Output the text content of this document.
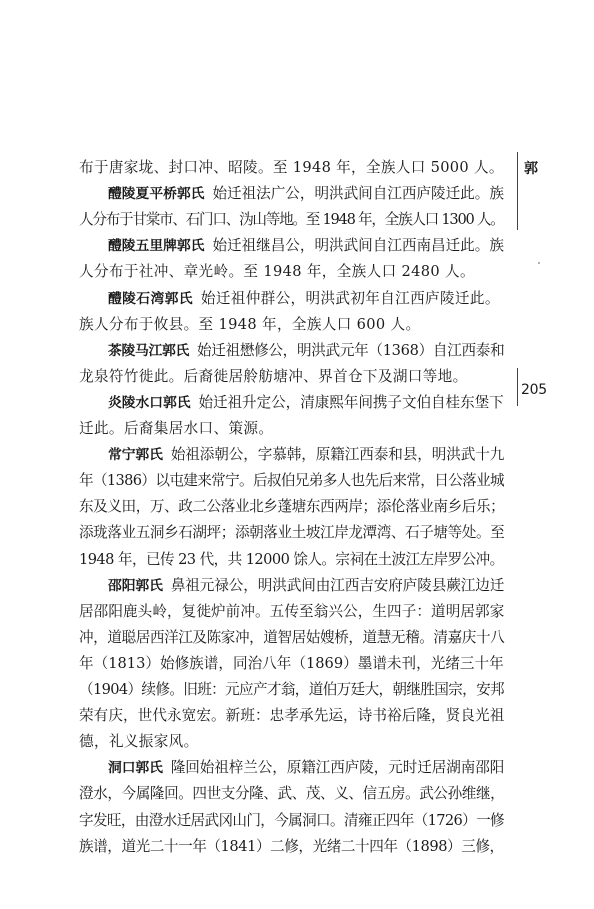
郭
205
布于唐家垅、封口冲、昭陵。至 1948 年，全族人口 5000 人。
醴陵夏平桥郭氏 始迁祖法广公，明洪武间自江西庐陵迁此。族
人分布于甘棠市、石门口、沩山等地。至 1948 年，全族人口 1300 人。
醴陵五里牌郭氏 始迁祖继昌公，明洪武间自江西南昌迁此。族
人分布于社冲、章光岭。至 1948 年，全族人口 2480 人。
醴陵石湾郭氏 始迁祖仲群公，明洪武初年自江西庐陵迁此。
族人分布于攸县。至 1948 年，全族人口 600 人。
茶陵马江郭氏 始迁祖懋修公，明洪武元年（1368）自江西泰和
龙泉符竹徙此。后裔徙居舲舫塘冲、界首仓下及湖口等地。
炎陵水口郭氏 始迁祖升定公，清康熙年间携子文伯自桂东堡下
迁此。后裔集居水口、策源。
常宁郭氏 始祖添朝公，字慕韩，原籍江西泰和县，明洪武十九
年（1386）以屯建来常宁。后叔伯兄弟多人也先后来常，日公落业城
东及义田，万、政二公落业北乡蓬塘东西两岸；添伦落业南乡后乐；
添珑落业五洞乡石湖坪；添朝落业土坡江岸龙潭湾、石子塘等处。至
1948 年，已传 23 代，共 12000 馀人。宗祠在土波江左岸罗公冲。
邵阳郭氏 鼻祖元禄公，明洪武间由江西吉安府庐陵县蕨江边迁
居邵阳鹿头岭，复徙炉前冲。五传至翁兴公，生四子：道明居郭家
冲，道聪居西洋江及陈家冲，道智居姑嫂桥，道慧无稽。清嘉庆十八
年（1813）始修族谱，同治八年（1869）墨谱未刊，光绪三十年
（1904）续修。旧班：元应产才翁，道伯万廷大，朝继胜国宗，安邦
荣有庆，世代永宽宏。新班：忠孝承先运，诗书裕后隆，贤良光祖
德，礼义振家风。
洞口郭氏 隆回始祖梓兰公，原籍江西庐陵，元时迁居湖南邵阳
澄水，今属隆回。四世支分隆、武、茂、义、信五房。武公孙维继，
字发旺，由澄水迁居武冈山门，今属洞口。清雍正四年（1726）一修
族谱，道光二十一年（1841）二修，光绪二十四年（1898）三修，
